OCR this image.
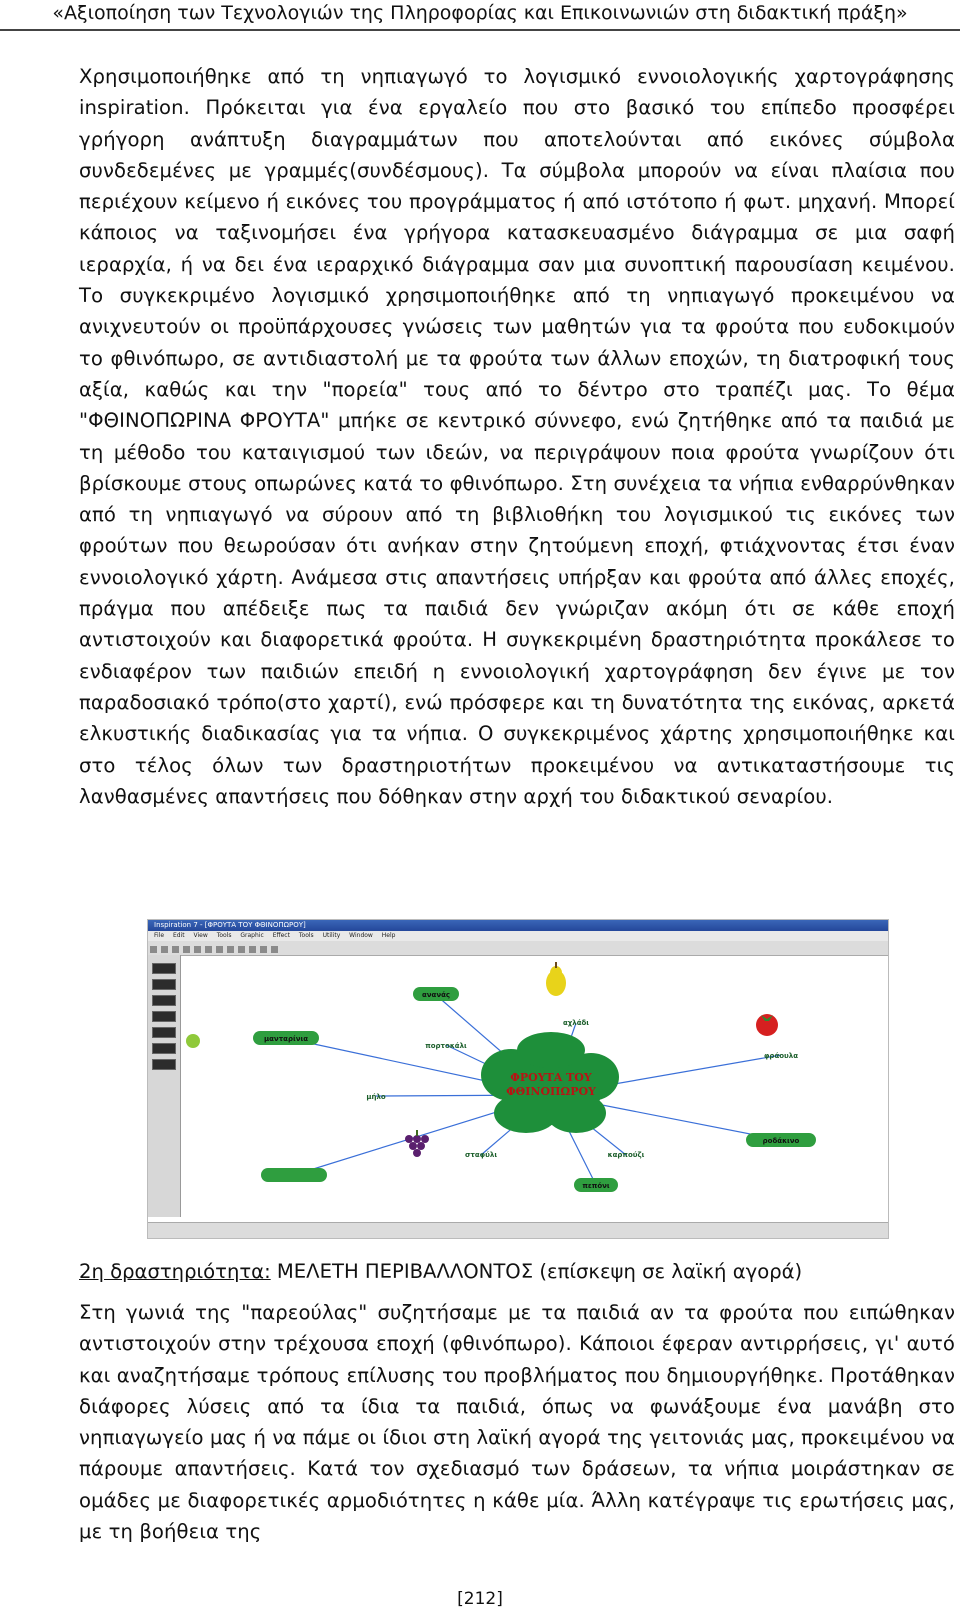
«Αξιοποίηση των Τεχνολογιών της Πληροφορίας και Επικοινωνιών στη διδακτική πράξη»

Χρησιμοποιήθηκε από τη νηπιαγωγό το λογισμικό εννοιολογικής χαρτογράφησης inspiration. Πρόκειται για ένα εργαλείο που στο βασικό του επίπεδο προσφέρει γρήγορη ανάπτυξη διαγραμμάτων που αποτελούνται από εικόνες σύμβολα συνδεδεμένες με γραμμές(συνδέσμους). Τα σύμβολα μπορούν να είναι πλαίσια που περιέχουν κείμενο ή εικόνες του προγράμματος ή από ιστότοπο ή φωτ. μηχανή. Μπορεί κάποιος να ταξινομήσει ένα γρήγορα κατασκευασμένο διάγραμμα σε μια σαφή ιεραρχία, ή να δει ένα ιεραρχικό διάγραμμα σαν μια συνοπτική παρουσίαση κειμένου. Το συγκεκριμένο λογισμικό χρησιμοποιήθηκε από τη νηπιαγωγό προκειμένου να ανιχνευτούν οι προϋπάρχουσες γνώσεις των μαθητών για τα φρούτα που ευδοκιμούν το φθινόπωρο, σε αντιδιαστολή με τα φρούτα των άλλων εποχών, τη διατροφική τους αξία, καθώς και την "πορεία" τους από το δέντρο στο τραπέζι μας. Το θέμα "ΦΘΙΝΟΠΩΡΙΝΑ ΦΡΟΥΤΑ" μπήκε σε κεντρικό σύννεφο, ενώ ζητήθηκε από τα παιδιά με τη μέθοδο του καταιγισμού των ιδεών, να περιγράψουν ποια φρούτα γνωρίζουν ότι βρίσκουμε στους οπωρώνες κατά το φθινόπωρο. Στη συνέχεια τα νήπια ενθαρρύνθηκαν από τη νηπιαγωγό να σύρουν από τη βιβλιοθήκη του λογισμικού τις εικόνες των φρούτων που θεωρούσαν ότι ανήκαν στην ζητούμενη εποχή, φτιάχνοντας έτσι έναν εννοιολογικό χάρτη. Ανάμεσα στις απαντήσεις υπήρξαν και φρούτα από άλλες εποχές, πράγμα που απέδειξε πως τα παιδιά δεν γνώριζαν ακόμη ότι σε κάθε εποχή αντιστοιχούν και διαφορετικά φρούτα. Η συγκεκριμένη δραστηριότητα προκάλεσε το ενδιαφέρον των παιδιών επειδή η εννοιολογική χαρτογράφηση δεν έγινε με τον παραδοσιακό τρόπο(στο χαρτί), ενώ πρόσφερε και τη δυνατότητα της εικόνας, αρκετά ελκυστικής διαδικασίας για τα νήπια. Ο συγκεκριμένος χάρτης χρησιμοποιήθηκε και στο τέλος όλων των δραστηριοτήτων προκειμένου να αντικαταστήσουμε τις λανθασμένες απαντήσεις που δόθηκαν στην αρχή του διδακτικού σεναρίου.

Inspiration 7 - [ΦΡΟΥΤΑ ΤΟΥ ΦΘΙΝΟΠΩΡΟΥ]
File Edit View Tools Graphic Effect Tools Utility Window Help
ΦΡΟΥΤΑ ΤΟΥ
ΦΘΙΝΟΠΩΡΟΥ
ανανάς
μανταρίνια
πορτοκάλι
αχλάδι
φράουλα
μήλο
ροδάκινο
σταφύλι	καρπούζι
πεπόνι
2η δραστηριότητα: ΜΕΛΕΤΗ ΠΕΡΙΒΑΛΛΟΝΤΟΣ (επίσκεψη σε λαϊκή αγορά)

Στη γωνιά της "παρεούλας" συζητήσαμε με τα παιδιά αν τα φρούτα που ειπώθηκαν αντιστοιχούν στην τρέχουσα εποχή (φθινόπωρο). Κάποιοι έφεραν αντιρρήσεις, γι' αυτό και αναζητήσαμε τρόπους επίλυσης του προβλήματος που δημιουργήθηκε. Προτάθηκαν διάφορες λύσεις από τα ίδια τα παιδιά, όπως να φωνάξουμε ένα μανάβη στο νηπιαγωγείο μας ή να πάμε οι ίδιοι στη λαϊκή αγορά της γειτονιάς μας, προκειμένου να πάρουμε απαντήσεις. Κατά τον σχεδιασμό των δράσεων, τα νήπια μοιράστηκαν σε ομάδες με διαφορετικές αρμοδιότητες η κάθε μία. Άλλη κατέγραψε τις ερωτήσεις μας, με τη βοήθεια της

[212]
